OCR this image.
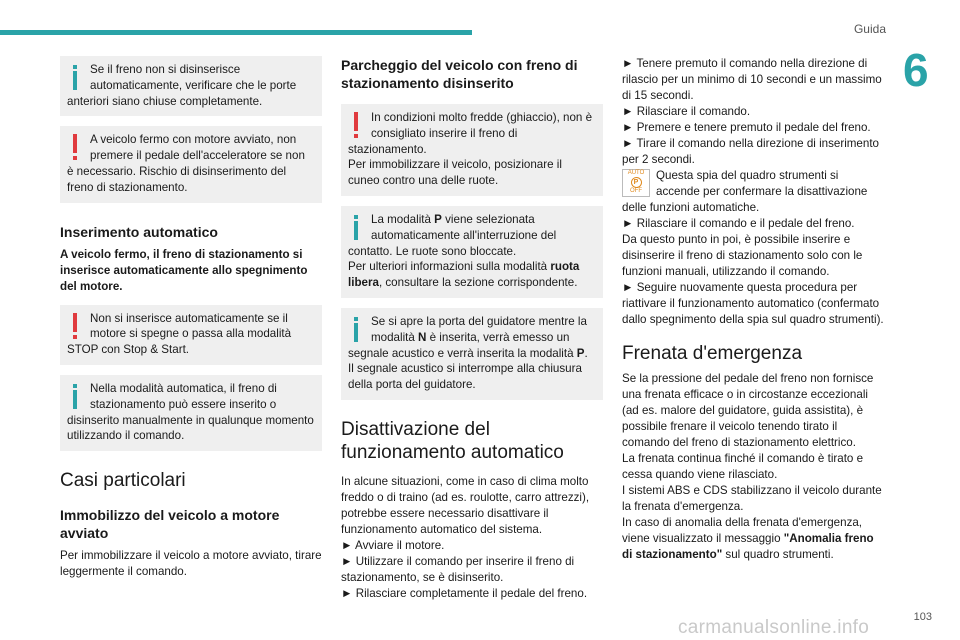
Guida
6
Se il freno non si disinserisce automaticamente, verificare che le porte anteriori siano chiuse completamente.
A veicolo fermo con motore avviato, non premere il pedale dell'acceleratore se non è necessario. Rischio di disinserimento del freno di stazionamento.
Inserimento automatico
A veicolo fermo, il freno di stazionamento si inserisce automaticamente allo spegnimento del motore.
Non si inserisce automaticamente se il motore si spegne o passa alla modalità STOP con Stop & Start.
Nella modalità automatica, il freno di stazionamento può essere inserito o disinserito manualmente in qualunque momento utilizzando il comando.
Casi particolari
Immobilizzo del veicolo a motore avviato

Per immobilizzare il veicolo a motore avviato, tirare leggermente il comando.

Parcheggio del veicolo con freno di stazionamento disinserito
In condizioni molto fredde (ghiaccio), non è consigliato inserire il freno di stazionamento.
Per immobilizzare il veicolo, posizionare il cuneo contro una delle ruote.
La modalità P viene selezionata automaticamente all'interruzione del contatto. Le ruote sono bloccate.
Per ulteriori informazioni sulla modalità ruota libera, consultare la sezione corrispondente.
Se si apre la porta del guidatore mentre la modalità N è inserita, verrà emesso un segnale acustico e verrà inserita la modalità P. Il segnale acustico si interrompe alla chiusura della porta del guidatore.
Disattivazione del funzionamento automatico

In alcune situazioni, come in caso di clima molto freddo o di traino (ad es. roulotte, carro attrezzi), potrebbe essere necessario disattivare il funzionamento automatico del sistema.

► Avviare il motore.

► Utilizzare il comando per inserire il freno di stazionamento, se è disinserito.

► Rilasciare completamente il pedale del freno.

► Tenere premuto il comando nella direzione di rilascio per un minimo di 10 secondi e un massimo di 15 secondi.

► Rilasciare il comando.

► Premere e tenere premuto il pedale del freno.

► Tirare il comando nella direzione di inserimento per 2 secondi.

AUTO
P
OFF

Questa spia del quadro strumenti si accende per confermare la disattivazione delle funzioni automatiche.

► Rilasciare il comando e il pedale del freno.

Da questo punto in poi, è possibile inserire e disinserire il freno di stazionamento solo con le funzioni manuali, utilizzando il comando.

► Seguire nuovamente questa procedura per riattivare il funzionamento automatico (confermato dallo spegnimento della spia sul quadro strumenti).

Frenata d'emergenza

Se la pressione del pedale del freno non fornisce una frenata efficace o in circostanze eccezionali (ad es. malore del guidatore, guida assistita), è possibile frenare il veicolo tenendo tirato il comando del freno di stazionamento elettrico.

La frenata continua finché il comando è tirato e cessa quando viene rilasciato.

I sistemi ABS e CDS stabilizzano il veicolo durante la frenata d'emergenza.

In caso di anomalia della frenata d'emergenza, viene visualizzato il messaggio "Anomalia freno di stazionamento" sul quadro strumenti.

carmanualsonline.info	103
